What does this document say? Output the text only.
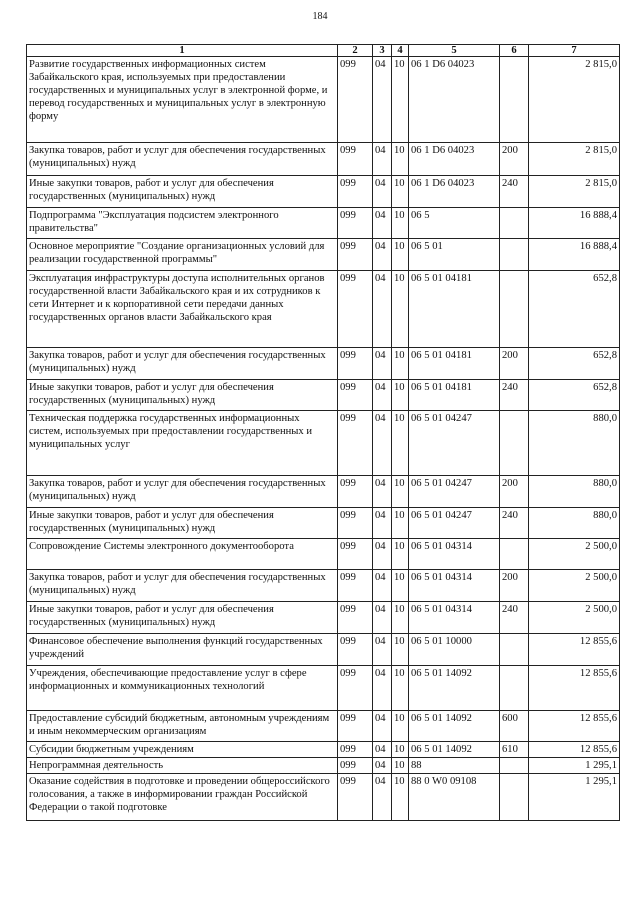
184
1	2	3	4	5	6	7
Развитие государственных информационных систем Забайкальского края, используемых при предоставлении государственных и муниципальных услуг в электронной форме, и перевод государственных и муниципальных услуг в электронную форму	099	04	10	06 1 D6 04023		2 815,0
Закупка товаров, работ и услуг для обеспечения государственных (муниципальных) нужд	099	04	10	06 1 D6 04023	200	2 815,0
Иные закупки товаров, работ и услуг для обеспечения государственных (муниципальных) нужд	099	04	10	06 1 D6 04023	240	2 815,0
Подпрограмма "Эксплуатация подсистем электронного правительства"	099	04	10	06 5		16 888,4
Основное мероприятие "Создание организационных условий для реализации государственной программы"	099	04	10	06 5 01		16 888,4
Эксплуатация инфраструктуры доступа исполнительных органов государственной власти Забайкальского края и их сотрудников к сети Интернет и к корпоративной сети передачи данных государственных органов власти Забайкальского края	099	04	10	06 5 01 04181		652,8
Закупка товаров, работ и услуг для обеспечения государственных (муниципальных) нужд	099	04	10	06 5 01 04181	200	652,8
Иные закупки товаров, работ и услуг для обеспечения государственных (муниципальных) нужд	099	04	10	06 5 01 04181	240	652,8
Техническая поддержка государственных информационных систем, используемых при предоставлении государственных и муниципальных услуг	099	04	10	06 5 01 04247		880,0
Закупка товаров, работ и услуг для обеспечения государственных (муниципальных) нужд	099	04	10	06 5 01 04247	200	880,0
Иные закупки товаров, работ и услуг для обеспечения государственных (муниципальных) нужд	099	04	10	06 5 01 04247	240	880,0
Сопровождение Системы электронного документооборота	099	04	10	06 5 01 04314		2 500,0
Закупка товаров, работ и услуг для обеспечения государственных (муниципальных) нужд	099	04	10	06 5 01 04314	200	2 500,0
Иные закупки товаров, работ и услуг для обеспечения государственных (муниципальных) нужд	099	04	10	06 5 01 04314	240	2 500,0
Финансовое обеспечение выполнения функций государственных учреждений	099	04	10	06 5 01 10000		12 855,6
Учреждения, обеспечивающие предоставление услуг в сфере информационных и коммуникационных технологий	099	04	10	06 5 01 14092		12 855,6
Предоставление субсидий бюджетным, автономным учреждениям и иным некоммерческим организациям	099	04	10	06 5 01 14092	600	12 855,6
Субсидии бюджетным учреждениям	099	04	10	06 5 01 14092	610	12 855,6
Непрограммная деятельность	099	04	10	88		1 295,1
Оказание содействия в подготовке и проведении общероссийского голосования, а также в информировании граждан Российской Федерации о такой подготовке	099	04	10	88 0 W0 09108		1 295,1
